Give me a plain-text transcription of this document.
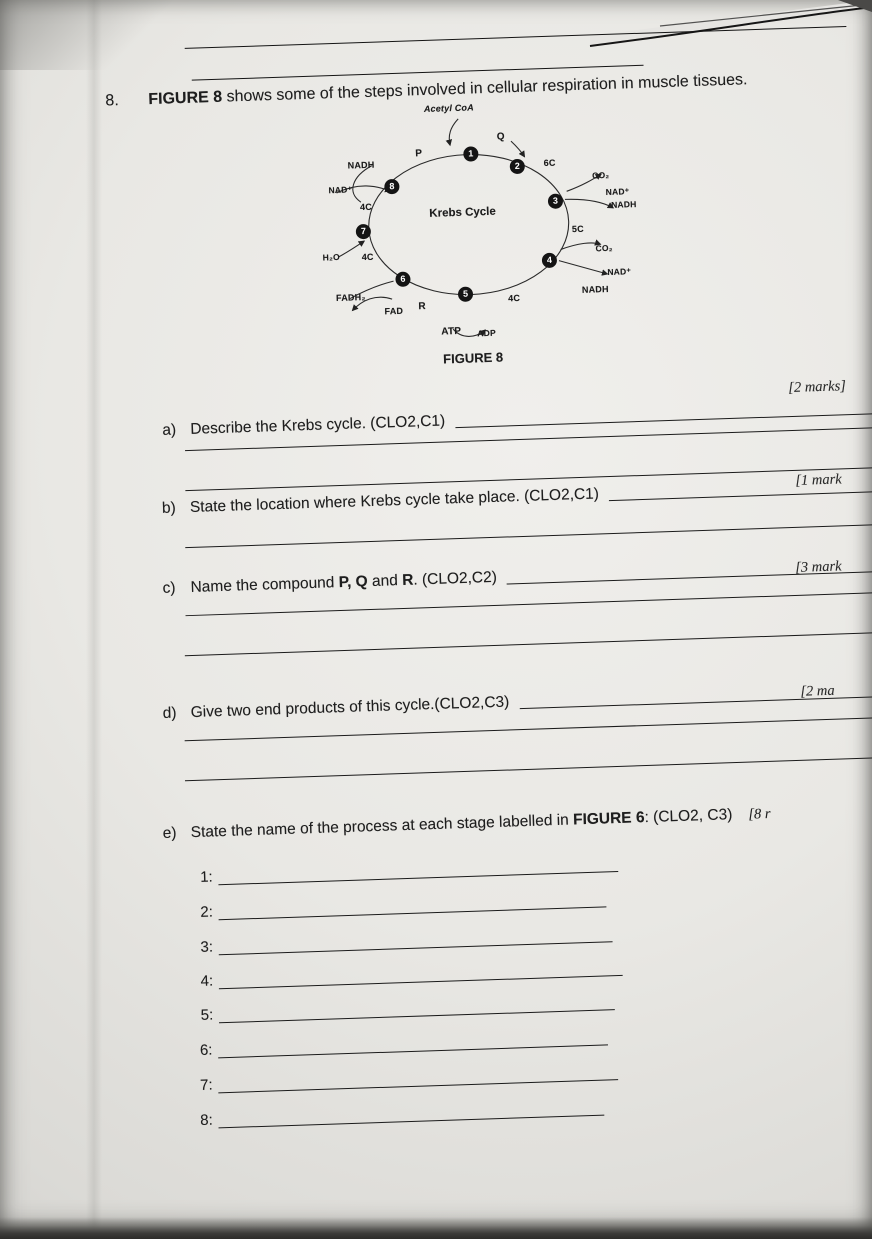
8.	FIGURE 8 shows some of the steps involved in cellular respiration in muscle tissues.
Acetyl CoA
Q
P	1
2	6C
NADH
8
NAD⁺
CO₂
4C
3
NAD⁺
NADH
Krebs Cycle
7	5C
H₂O 4C
CO₂
4
NAD⁺
6
FADH₂	5	4C
NADH
FAD R
ATP ADP
FIGURE 8
[2 marks]
a) Describe the Krebs cycle. (CLO2,C1)
[1 mark
b) State the location where Krebs cycle take place. (CLO2,C1)
[3 mark
c) Name the compound P, Q and R. (CLO2,C2)
[2 ma
d) Give two end products of this cycle.(CLO2,C3)
e) State the name of the process at each stage labelled in FIGURE 6: (CLO2, C3) [8 r
1:
2:
3:
4:
5:
6:
7:
8:
